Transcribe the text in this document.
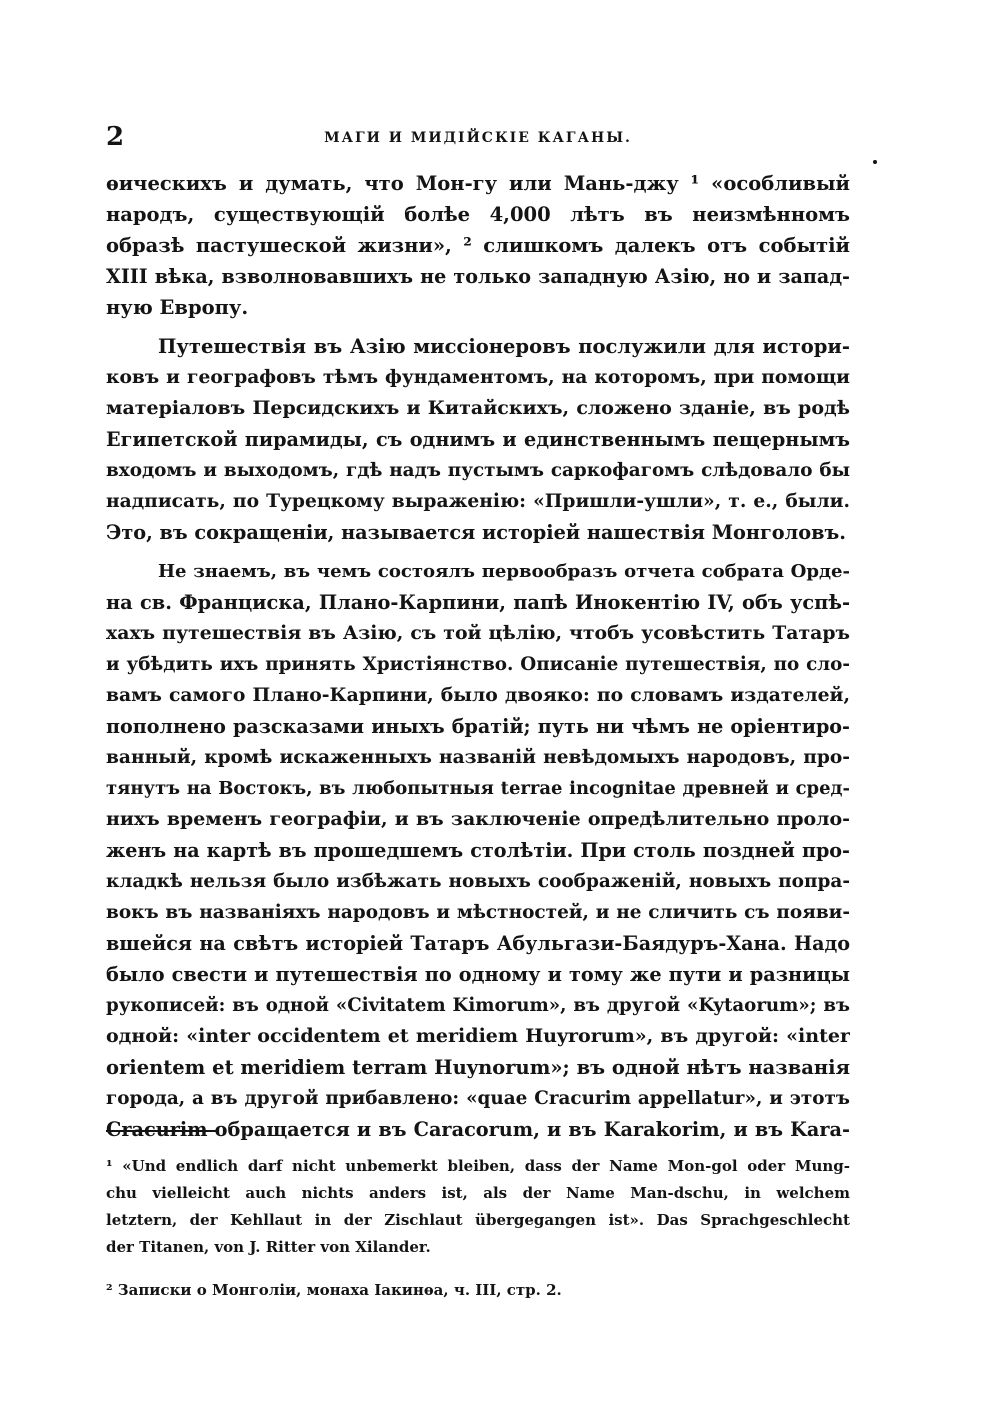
2	МАГИ И МИДІЙСКІЕ КАГАНЫ.
ѳическихъ и думать, что Мон-гу или Мань-джу ¹ «особливый
народъ, существующій болѣе 4,000 лѣтъ въ неизмѣнномъ
образѣ пастушеской жизни», ² слишкомъ далекъ отъ событій
XIII вѣка, взволновавшихъ не только западную Азію, но и запад-
ную Европу.
Путешествія въ Азію миссіонеровъ послужили для истори-
ковъ и географовъ тѣмъ фундаментомъ, на которомъ, при помощи
матеріаловъ Персидскихъ и Китайскихъ, сложено зданіе, въ родѣ
Египетской пирамиды, съ однимъ и единственнымъ пещернымъ
входомъ и выходомъ, гдѣ надъ пустымъ саркофагомъ слѣдовало бы
надписать, по Турецкому выраженію: «Пришли-ушли», т. е., были.
Это, въ сокращеніи, называется исторіей нашествія Монголовъ.
Не знаемъ, въ чемъ состоялъ первообразъ отчета собрата Орде-
на св. Франциска, Плано-Карпини, папѣ Инокентію IV, объ успѣ-
хахъ путешествія въ Азію, съ той цѣлію, чтобъ усовѣстить Татаръ
и убѣдить ихъ принять Христіянство. Описаніе путешествія, по сло-
вамъ самого Плано-Карпини, было двояко: по словамъ издателей,
пополнено разсказами иныхъ братій; путь ни чѣмъ не оріентиро-
ванный, кромѣ искаженныхъ названій невѣдомыхъ народовъ, про-
тянутъ на Востокъ, въ любопытныя terrae incognitae древней и сред-
нихъ временъ географіи, и въ заключеніе опредѣлительно проло-
женъ на картѣ въ прошедшемъ столѣтіи. При столь поздней про-
кладкѣ нельзя было избѣжать новыхъ соображеній, новыхъ попра-
вокъ въ названіяхъ народовъ и мѣстностей, и не сличить съ появи-
вшейся на свѣтъ исторіей Татаръ Абульгази-Баядуръ-Хана. Надо
было свести и путешествія по одному и тому же пути и разницы
рукописей: въ одной «Civitatem Kimorum», въ другой «Kytaorum»; въ
одной: «inter occidentem et meridiem Huyrorum», въ другой: «inter
orientem et meridiem terram Huynorum»; въ одной нѣтъ названія
города, а въ другой прибавлено: «quae Cracurim appellatur», и этотъ
Cracurim обращается и въ Caracorum, и въ Karakorim, и въ Kara-
¹ «Und endlich darf nicht unbemerkt bleiben, dass der Name Mon-gol oder Mung-
chu vielleicht auch nichts anders ist, als der Name Man-dschu, in welchem
letztern, der Kehllaut in der Zischlaut übergegangen ist». Das Sprachgeschlecht
der Titanen, von J. Ritter von Xilander.
² Записки о Монголіи, монаха Іакинѳа, ч. III, стр. 2.
